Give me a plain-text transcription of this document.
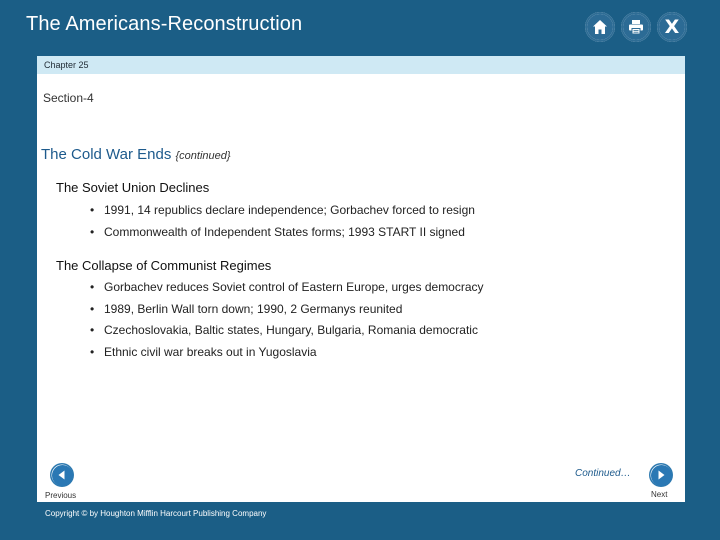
The Americans-Reconstruction	X
Chapter 25
Section-4
The Cold War Ends {continued}
The Soviet Union Declines
• 1991, 14 republics declare independence; Gorbachev forced to resign
• Commonwealth of Independent States forms; 1993 START II signed
The Collapse of Communist Regimes
• Gorbachev reduces Soviet control of Eastern Europe, urges democracy
• 1989, Berlin Wall torn down; 1990, 2 Germanys reunited
• Czechoslovakia, Baltic states, Hungary, Bulgaria, Romania democratic
• Ethnic civil war breaks out in Yugoslavia
Previous
Continued…
Next
Copyright © by Houghton Mifflin Harcourt Publishing Company
